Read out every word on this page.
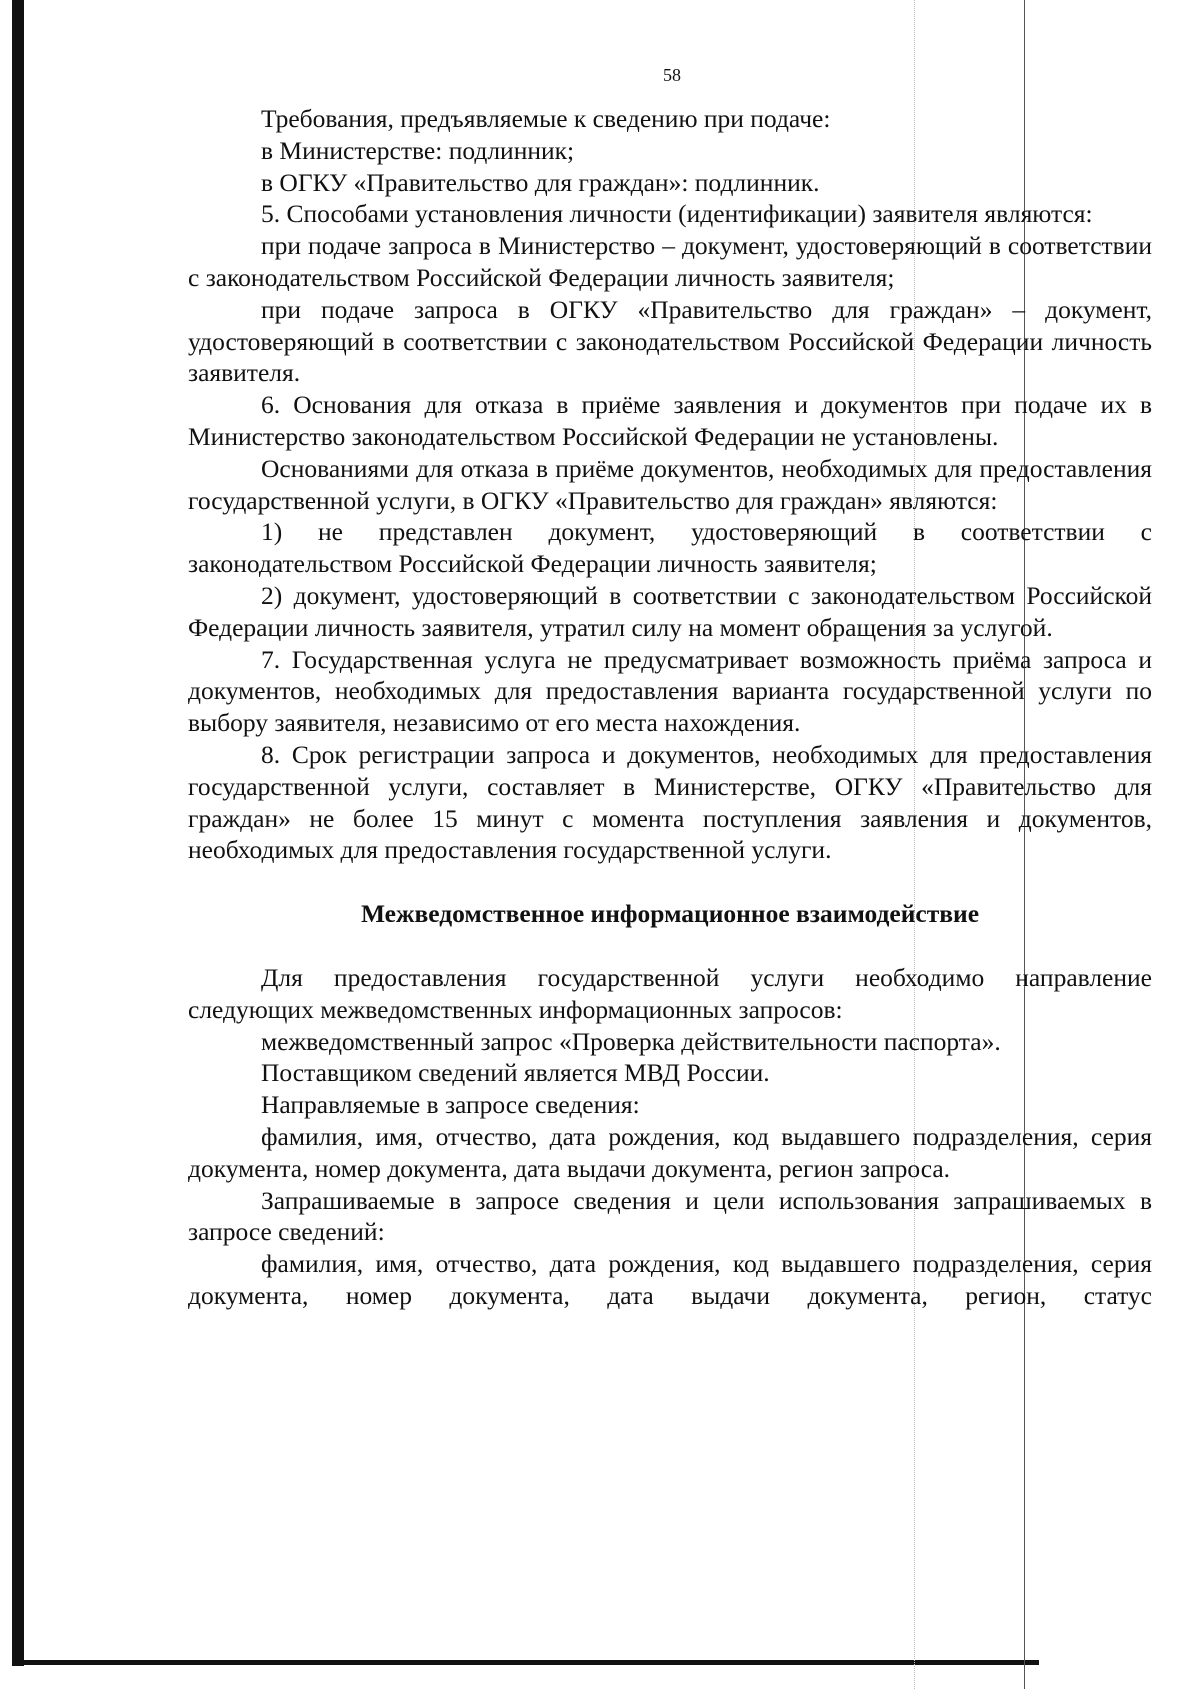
58

Требования, предъявляемые к сведению при подаче:

в Министерстве: подлинник;

в ОГКУ «Правительство для граждан»: подлинник.

5. Способами установления личности (идентификации) заявителя являются:

при подаче запроса в Министерство – документ, удостоверяющий в соответствии с законодательством Российской Федерации личность заявителя;

при подаче запроса в ОГКУ «Правительство для граждан» – документ, удостоверяющий в соответствии с законодательством Российской Федерации личность заявителя.

6. Основания для отказа в приёме заявления и документов при подаче их в Министерство законодательством Российской Федерации не установлены.

Основаниями для отказа в приёме документов, необходимых для предоставления государственной услуги, в ОГКУ «Правительство для граждан» являются:

1) не представлен документ, удостоверяющий в соответствии с законодательством Российской Федерации личность заявителя;

2) документ, удостоверяющий в соответствии с законодательством Российской Федерации личность заявителя, утратил силу на момент обращения за услугой.

7. Государственная услуга не предусматривает возможность приёма запроса и документов, необходимых для предоставления варианта государственной услуги по выбору заявителя, независимо от его места нахождения.

8. Срок регистрации запроса и документов, необходимых для предоставления государственной услуги, составляет в Министерстве, ОГКУ «Правительство для граждан» не более 15 минут с момента поступления заявления и документов, необходимых для предоставления государственной услуги.

Межведомственное информационное взаимодействие

Для предоставления государственной услуги необходимо направление следующих межведомственных информационных запросов:

межведомственный запрос «Проверка действительности паспорта».

Поставщиком сведений является МВД России.

Направляемые в запросе сведения:

фамилия, имя, отчество, дата рождения, код выдавшего подразделения, серия документа, номер документа, дата выдачи документа, регион запроса.

Запрашиваемые в запросе сведения и цели использования запрашиваемых в запросе сведений:

фамилия, имя, отчество, дата рождения, код выдавшего подразделения, серия документа, номер документа, дата выдачи документа, регион, статус
